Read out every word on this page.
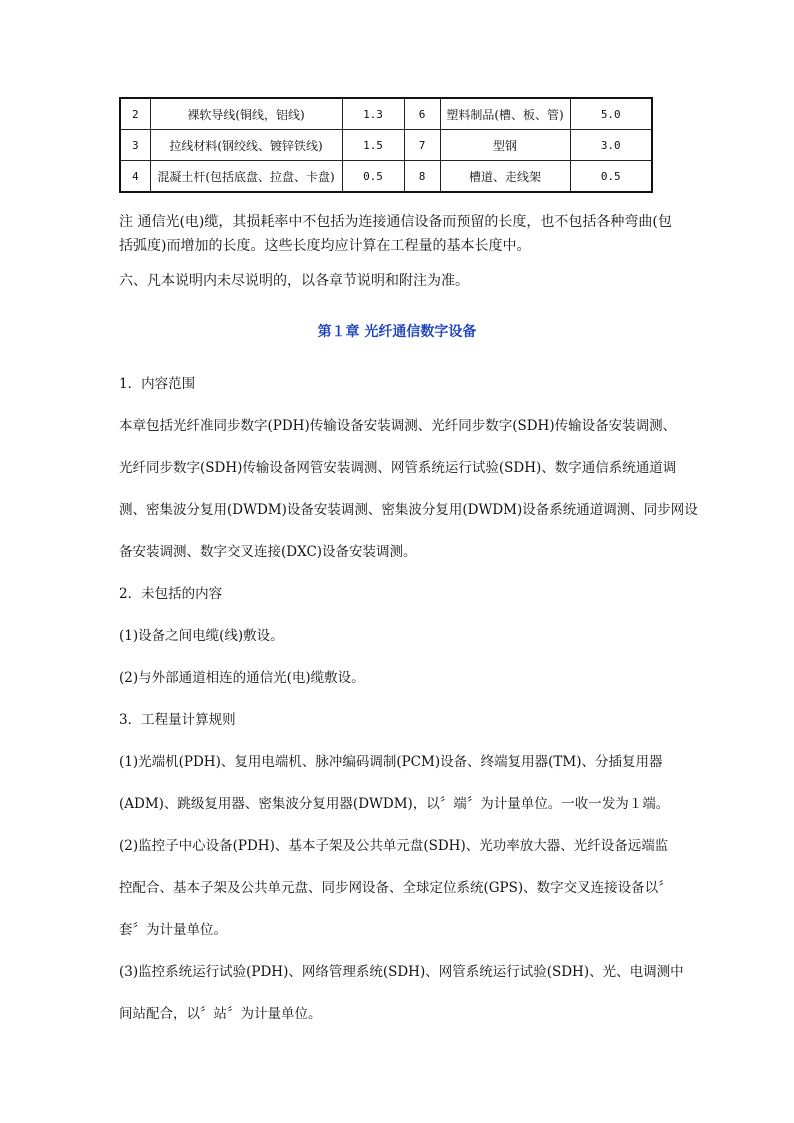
2	裸软导线(铜线，铝线)	1.3	6	塑料制品(槽、板、管)	5.0
3	拉线材料(钢绞线、镀锌铁线)	1.5	7	型钢	3.0
4	混凝土杆(包括底盘、拉盘、卡盘)	0.5	8	槽道、走线架	0.5

注 通信光(电)缆，其损耗率中不包括为连接通信设备而预留的长度，也不包括各种弯曲(包
括弧度)而增加的长度。这些长度均应计算在工程量的基本长度中。

六、凡本说明内未尽说明的，以各章节说明和附注为准。

第１章 光纤通信数字设备

1．内容范围

本章包括光纤准同步数字(PDH)传输设备安装调测、光纤同步数字(SDH)传输设备安装调测、

光纤同步数字(SDH)传输设备网管安装调测、网管系统运行试验(SDH)、数字通信系统通道调

测、密集波分复用(DWDM)设备安装调测、密集波分复用(DWDM)设备系统通道调测、同步网设

备安装调测、数字交叉连接(DXC)设备安装调测。

2．未包括的内容

(1)设备之间电缆(线)敷设。

(2)与外部通道相连的通信光(电)缆敷设。

3．工程量计算规则

(1)光端机(PDH)、复用电端机、脉冲编码调制(PCM)设备、终端复用器(TM)、分插复用器

(ADM)、跳级复用器、密集波分复用器(DWDM)，以〞端〞为计量单位。一收一发为１端。

(2)监控子中心设备(PDH)、基本子架及公共单元盘(SDH)、光功率放大器、光纤设备远端监

控配合、基本子架及公共单元盘、同步网设备、全球定位系统(GPS)、数字交叉连接设备以〞

套〞为计量单位。

(3)监控系统运行试验(PDH)、网络管理系统(SDH)、网管系统运行试验(SDH)、光、电调测中

间站配合，以〞站〞为计量单位。
